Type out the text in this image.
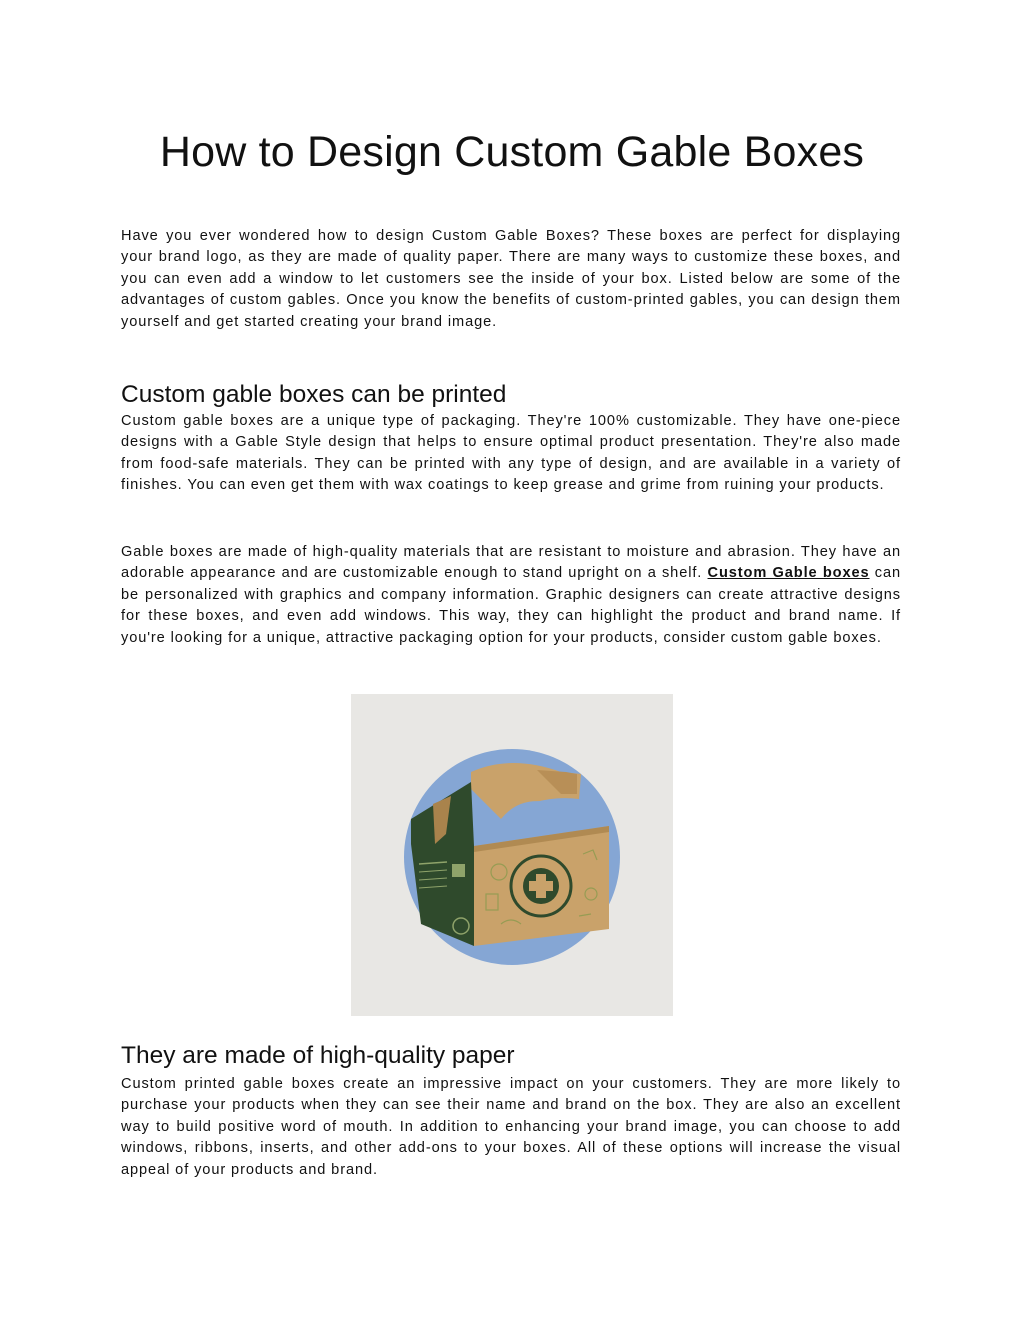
How to Design Custom Gable Boxes

Have you ever wondered how to design Custom Gable Boxes? These boxes are perfect for displaying your brand logo, as they are made of quality paper. There are many ways to customize these boxes, and you can even add a window to let customers see the inside of your box. Listed below are some of the advantages of custom gables. Once you know the benefits of custom-printed gables, you can design them yourself and get started creating your brand image.

Custom gable boxes can be printed

Custom gable boxes are a unique type of packaging. They're 100% customizable. They have one-piece designs with a Gable Style design that helps to ensure optimal product presentation. They're also made from food-safe materials. They can be printed with any type of design, and are available in a variety of finishes. You can even get them with wax coatings to keep grease and grime from ruining your products.

Gable boxes are made of high-quality materials that are resistant to moisture and abrasion. They have an adorable appearance and are customizable enough to stand upright on a shelf. Custom Gable boxes can be personalized with graphics and company information. Graphic designers can create attractive designs for these boxes, and even add windows. This way, they can highlight the product and brand name. If you're looking for a unique, attractive packaging option for your products, consider custom gable boxes.

They are made of high-quality paper

Custom printed gable boxes create an impressive impact on your customers. They are more likely to purchase your products when they can see their name and brand on the box. They are also an excellent way to build positive word of mouth. In addition to enhancing your brand image, you can choose to add windows, ribbons, inserts, and other add-ons to your boxes. All of these options will increase the visual appeal of your products and brand.
